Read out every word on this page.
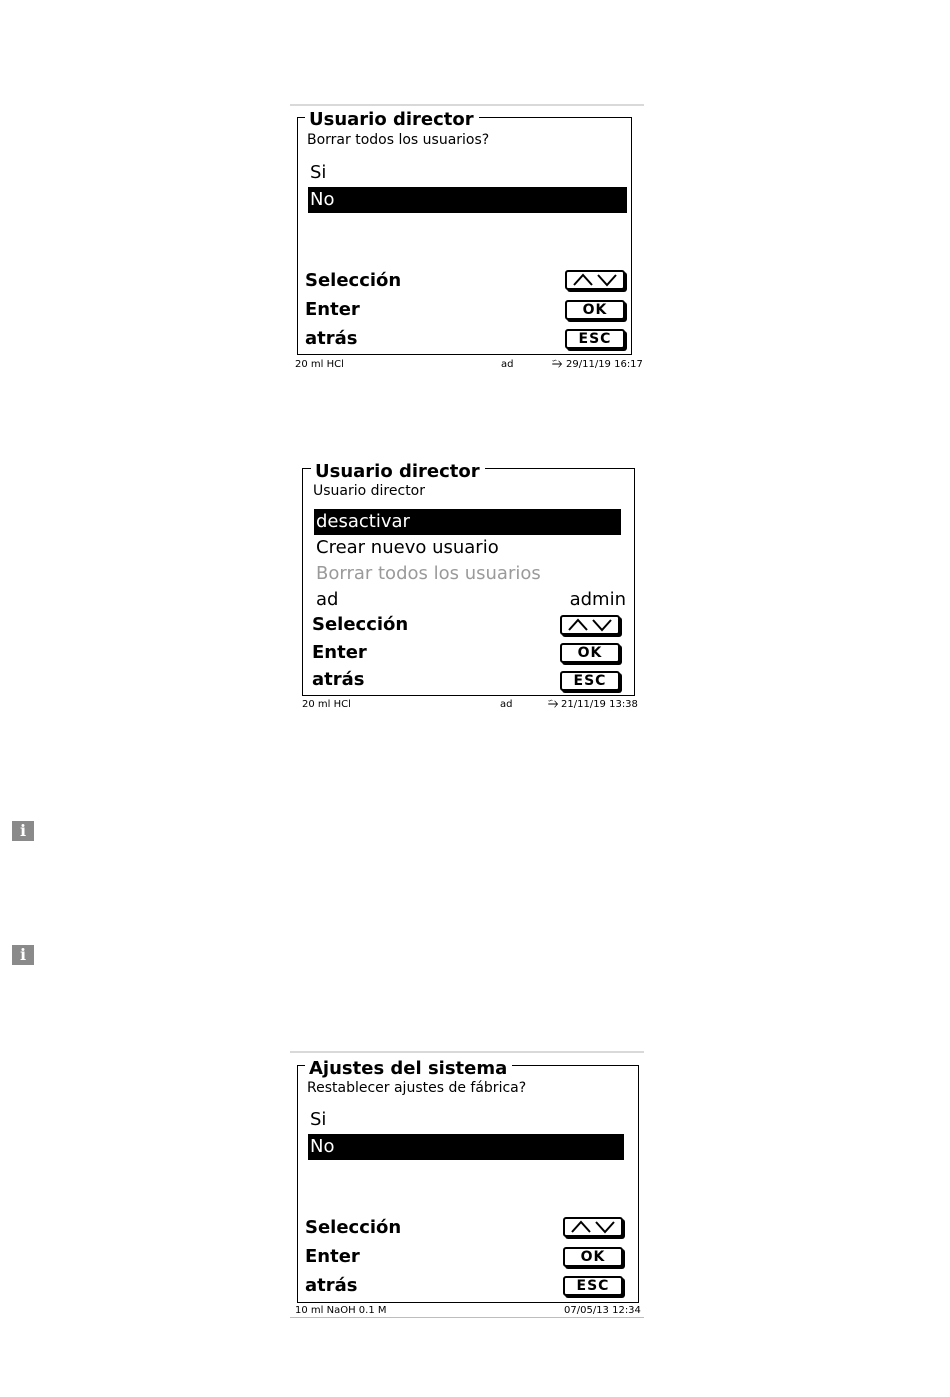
Usuario director
Borrar todos los usuarios?
Si
No
Selección
Enter	OK
atrás	ESC
20 ml HCl	ad	⭇ 29/11/19 16:17
Usuario director
Usuario director
desactivar
Crear nuevo usuario
Borrar todos los usuarios
ad	admin
Selección
Enter	OK
atrás	ESC
20 ml HCl	ad	⭇ 21/11/19 13:38
i
i
Ajustes del sistema
Restablecer ajustes de fábrica?
Si
No
Selección
Enter	OK
atrás	ESC
10 ml NaOH 0.1 M	07/05/13 12:34
